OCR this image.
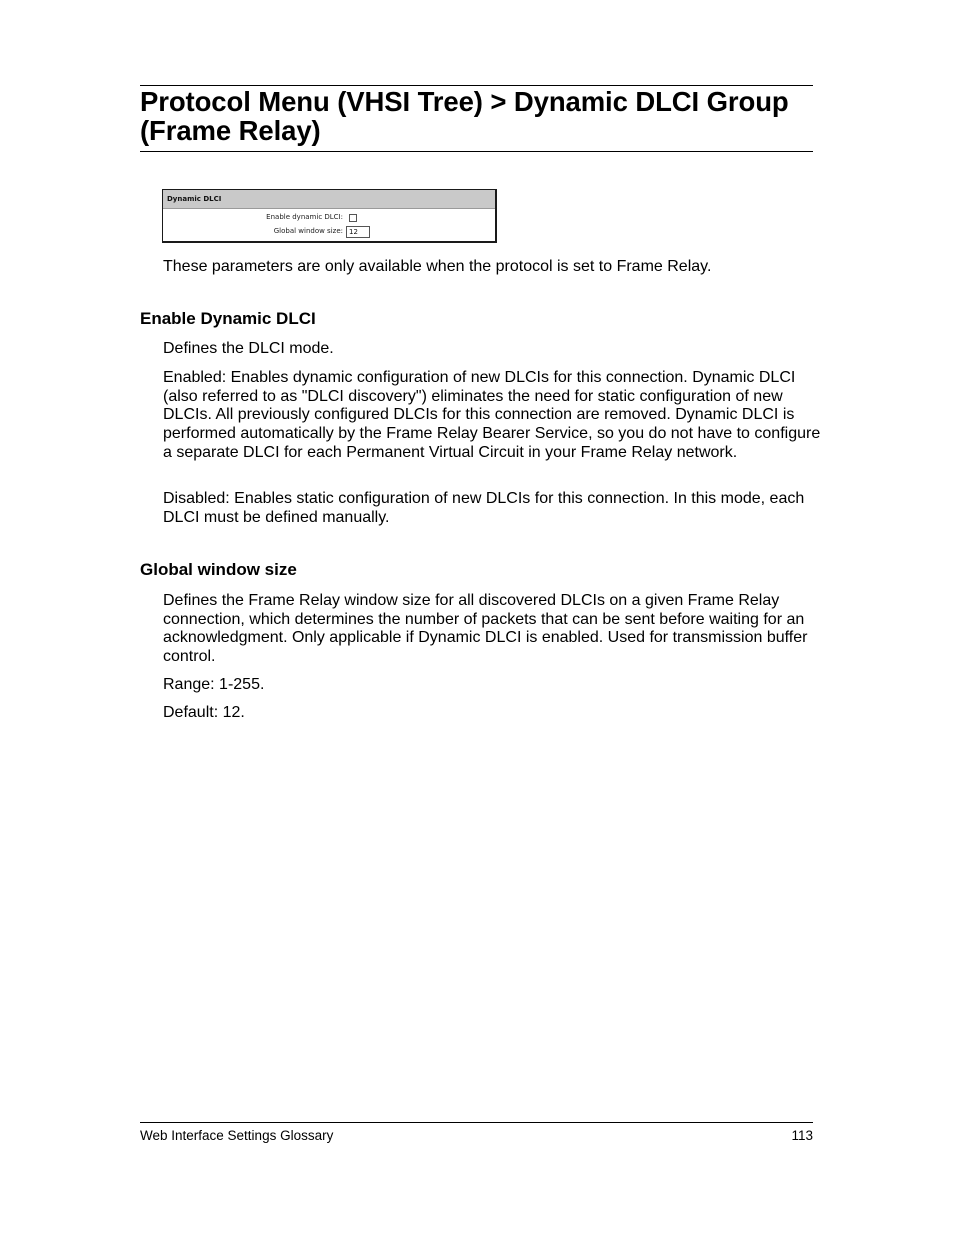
Protocol Menu (VHSI Tree) > Dynamic DLCI Group (Frame Relay)
Dynamic DLCI
Enable dynamic DLCI:
Global window size: 12

These parameters are only available when the protocol is set to Frame Relay.

Enable Dynamic DLCI

Defines the DLCI mode.

Enabled: Enables dynamic configuration of new DLCIs for this connection. Dynamic DLCI (also referred to as "DLCI discovery") eliminates the need for static configuration of new DLCIs. All previously configured DLCIs for this connection are removed. Dynamic DLCI is performed automatically by the Frame Relay Bearer Service, so you do not have to configure a separate DLCI for each Permanent Virtual Circuit in your Frame Relay network.

Disabled: Enables static configuration of new DLCIs for this connection. In this mode, each DLCI must be defined manually.

Global window size

Defines the Frame Relay window size for all discovered DLCIs on a given Frame Relay connection, which determines the number of packets that can be sent before waiting for an acknowledgment. Only applicable if Dynamic DLCI is enabled. Used for transmission buffer control.

Range: 1-255.

Default: 12.

Web Interface Settings Glossary	113
